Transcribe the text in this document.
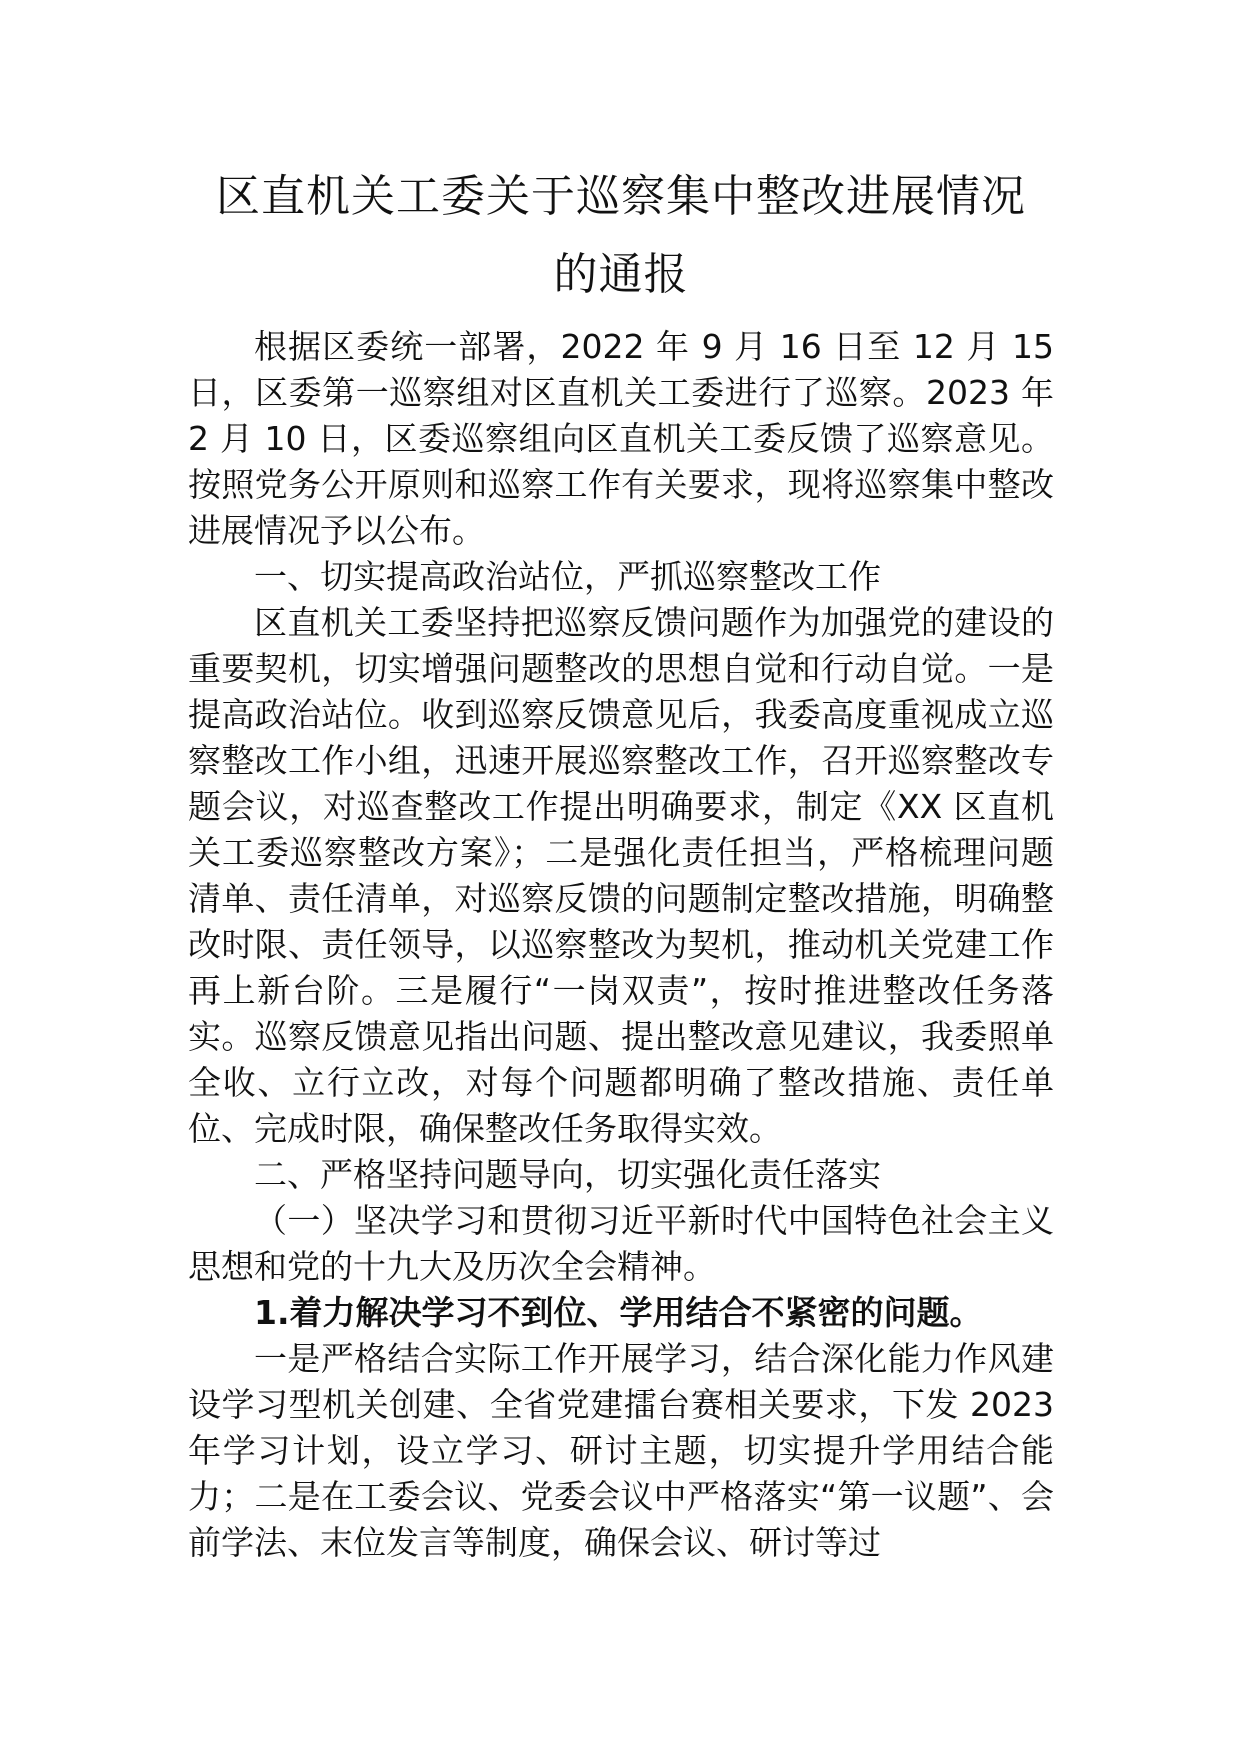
区直机关工委关于巡察集中整改进展情况
的通报

根据区委统一部署，2022 年 9 月 16 日至 12 月 15 日，区委第一巡察组对区直机关工委进行了巡察。2023 年 2 月 10 日，区委巡察组向区直机关工委反馈了巡察意见。按照党务公开原则和巡察工作有关要求，现将巡察集中整改进展情况予以公布。

一、切实提高政治站位，严抓巡察整改工作

区直机关工委坚持把巡察反馈问题作为加强党的建设的重要契机，切实增强问题整改的思想自觉和行动自觉。一是提高政治站位。收到巡察反馈意见后，我委高度重视成立巡察整改工作小组，迅速开展巡察整改工作，召开巡察整改专题会议，对巡查整改工作提出明确要求，制定《XX 区直机关工委巡察整改方案》；二是强化责任担当，严格梳理问题清单、责任清单，对巡察反馈的问题制定整改措施，明确整改时限、责任领导，以巡察整改为契机，推动机关党建工作再上新台阶。三是履行“一岗双责”，按时推进整改任务落实。巡察反馈意见指出问题、提出整改意见建议，我委照单全收、立行立改，对每个问题都明确了整改措施、责任单位、完成时限，确保整改任务取得实效。

二、严格坚持问题导向，切实强化责任落实

（一）坚决学习和贯彻习近平新时代中国特色社会主义思想和党的十九大及历次全会精神。

1.着力解决学习不到位、学用结合不紧密的问题。

一是严格结合实际工作开展学习，结合深化能力作风建设学习型机关创建、全省党建擂台赛相关要求，下发 2023 年学习计划，设立学习、研讨主题，切实提升学用结合能力；二是在工委会议、党委会议中严格落实“第一议题”、会前学法、末位发言等制度，确保会议、研讨等过
